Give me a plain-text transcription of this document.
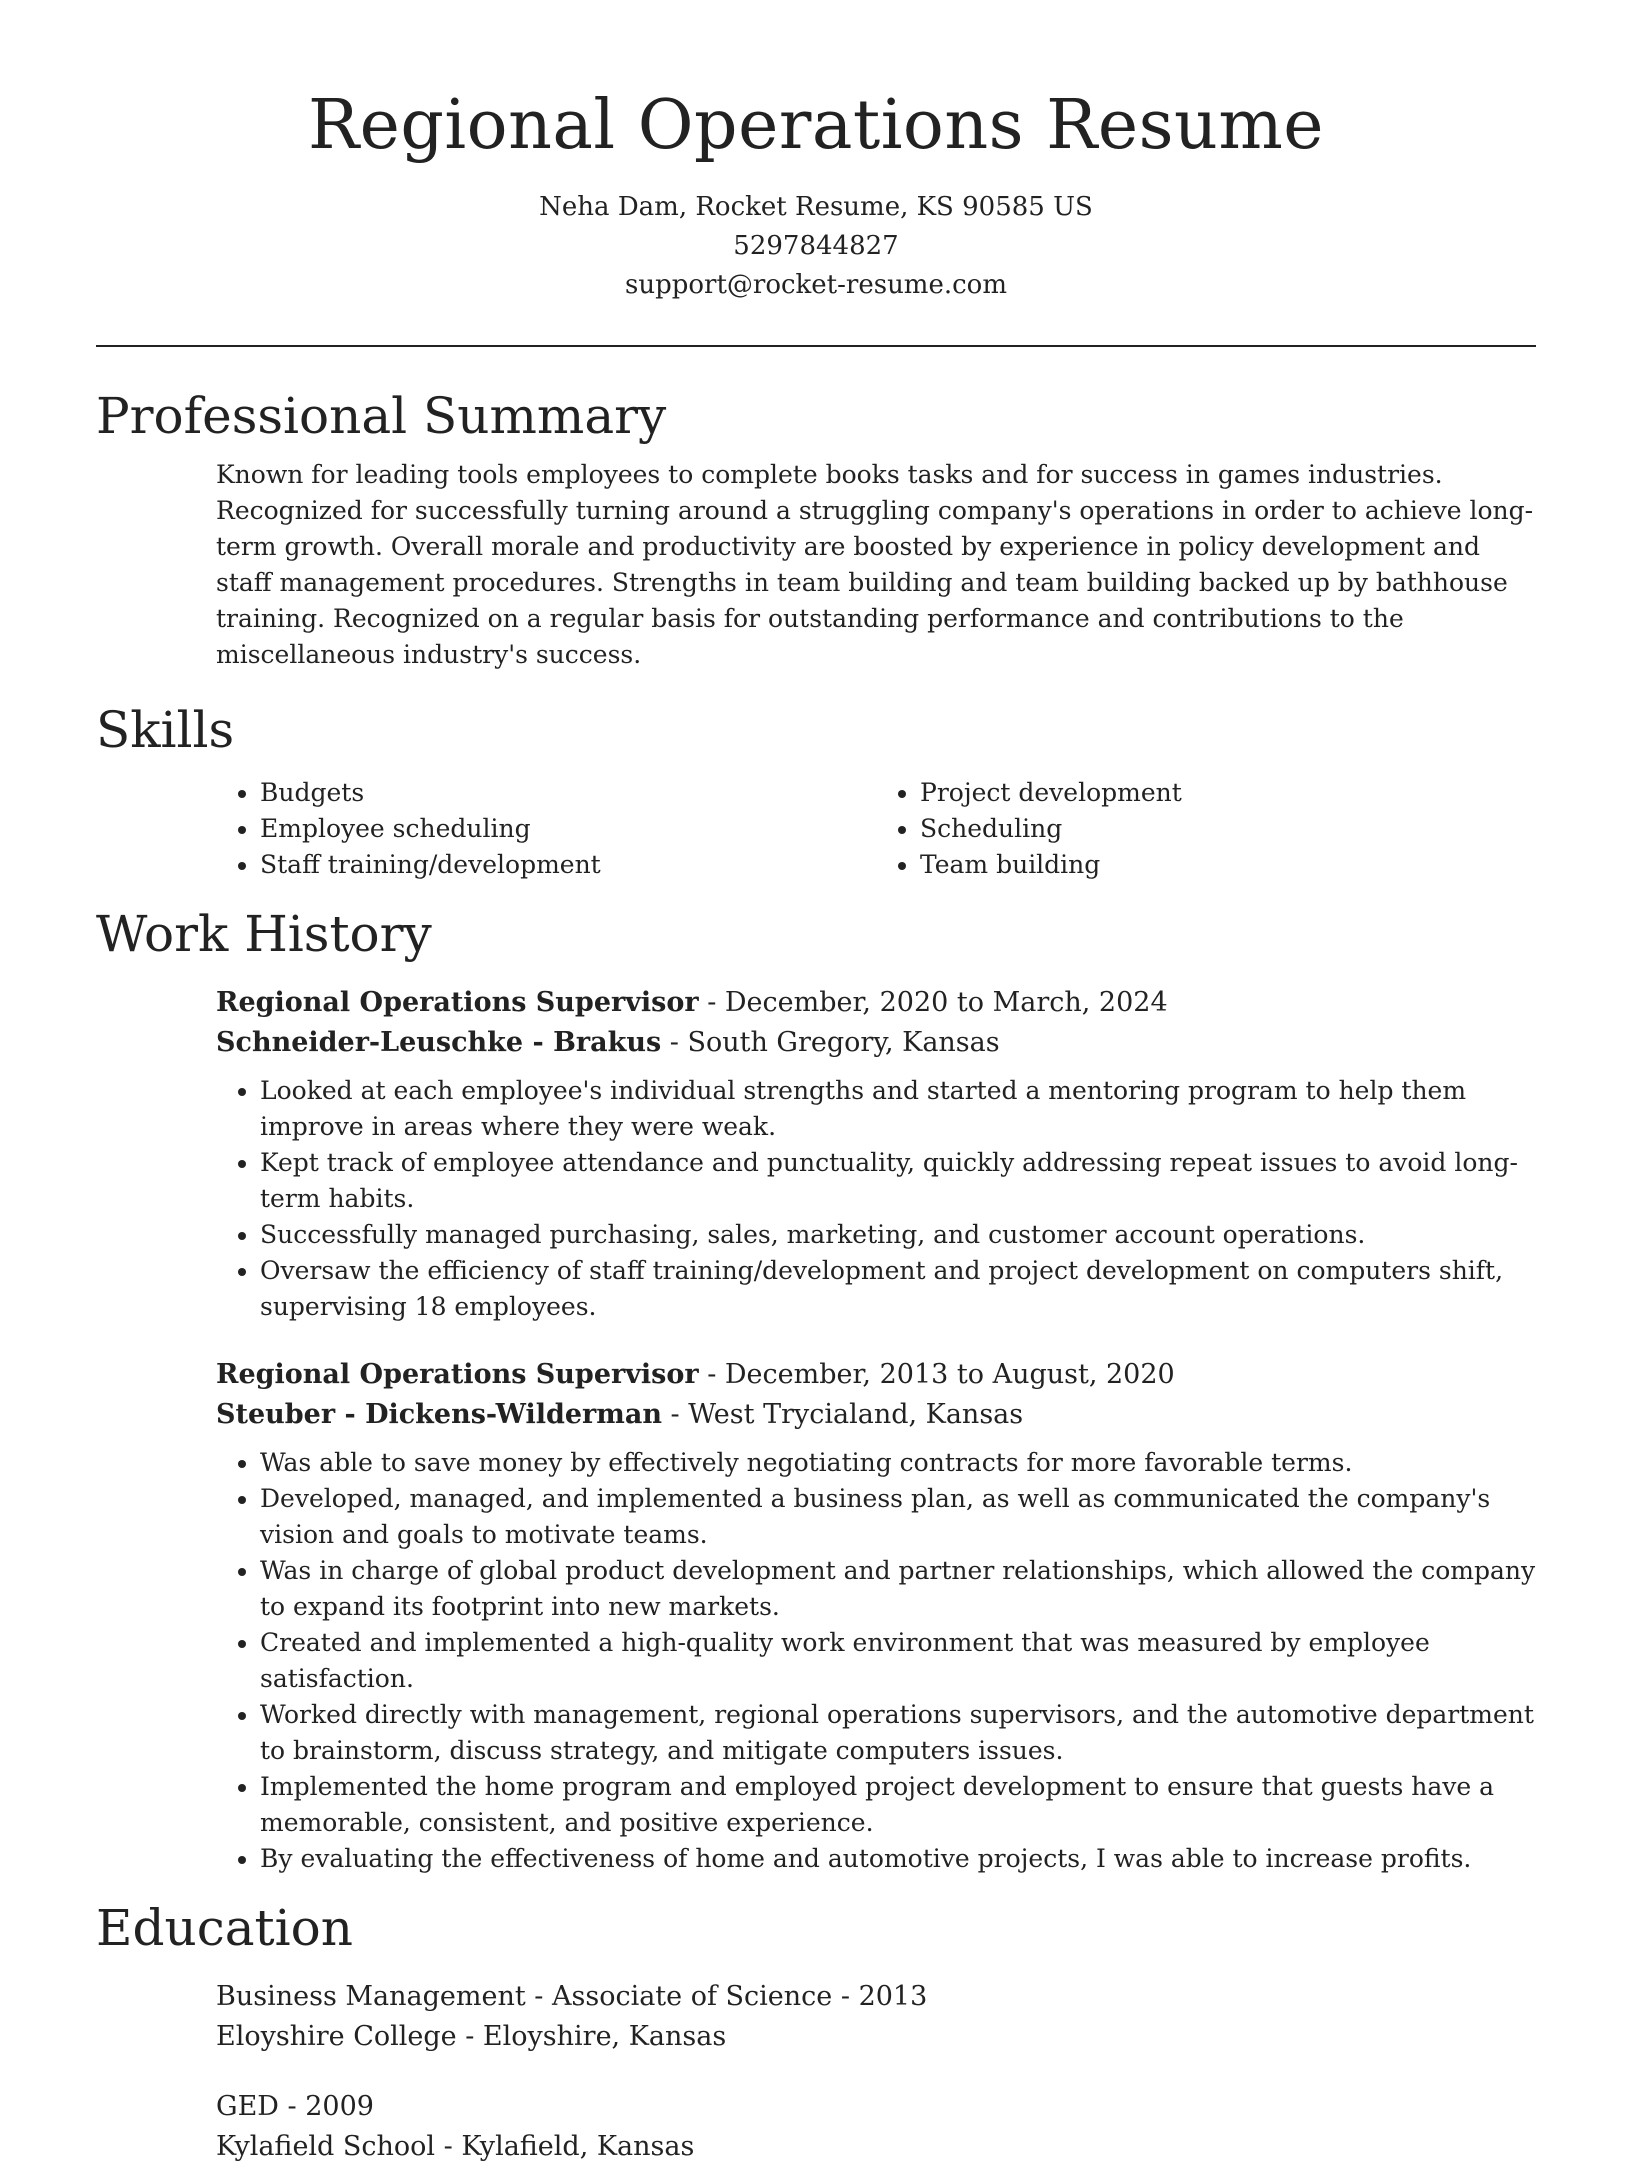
Regional Operations Resume
Neha Dam, Rocket Resume, KS 90585 US
5297844827
support@rocket-resume.com
Professional Summary

Known for leading tools employees to complete books tasks and for success in games industries. Recognized for successfully turning around a struggling company's operations in order to achieve long-term growth. Overall morale and productivity are boosted by experience in policy development and staff management procedures. Strengths in team building and team building backed up by bathhouse training. Recognized on a regular basis for outstanding performance and contributions to the miscellaneous industry's success.

Skills
• Budgets
• Employee scheduling
• Staff training/development
• Project development
• Scheduling
• Team building
Work History
Regional Operations Supervisor - December, 2020 to March, 2024
Schneider-Leuschke - Brakus - South Gregory, Kansas
• Looked at each employee's individual strengths and started a mentoring program to help them improve in areas where they were weak.
• Kept track of employee attendance and punctuality, quickly addressing repeat issues to avoid long-term habits.
• Successfully managed purchasing, sales, marketing, and customer account operations.
• Oversaw the efficiency of staff training/development and project development on computers shift, supervising 18 employees.
Regional Operations Supervisor - December, 2013 to August, 2020
Steuber - Dickens-Wilderman - West Trycialand, Kansas
• Was able to save money by effectively negotiating contracts for more favorable terms.
• Developed, managed, and implemented a business plan, as well as communicated the company's vision and goals to motivate teams.
• Was in charge of global product development and partner relationships, which allowed the company to expand its footprint into new markets.
• Created and implemented a high-quality work environment that was measured by employee satisfaction.
• Worked directly with management, regional operations supervisors, and the automotive department to brainstorm, discuss strategy, and mitigate computers issues.
• Implemented the home program and employed project development to ensure that guests have a memorable, consistent, and positive experience.
• By evaluating the effectiveness of home and automotive projects, I was able to increase profits.
Education
Business Management - Associate of Science - 2013
Eloyshire College - Eloyshire, Kansas
GED - 2009
Kylafield School - Kylafield, Kansas
